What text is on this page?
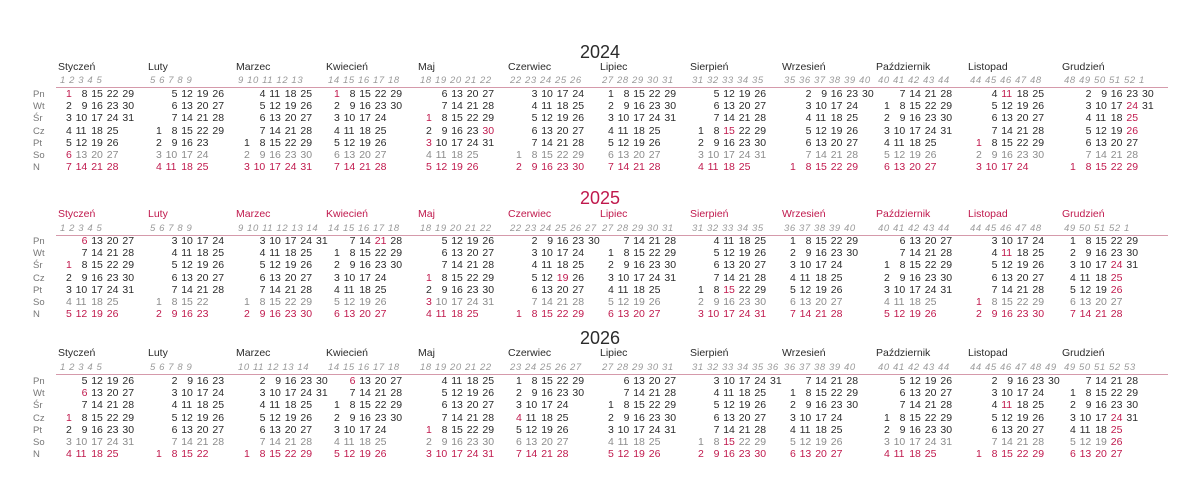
2024
Pn
Wt
Śr
Cz
Pt
So
N
Styczeń
1 2 3 4 5
1 8 15 22 29
2 9 16 23 30
3 10 17 24 31
4 11 18 25
5 12 19 26
6 13 20 27
7 14 21 28
Luty
5 6 7 8 9
5 12 19 26
6 13 20 27
7 14 21 28
1 8 15 22 29
2 9 16 23
3 10 17 24
4 11 18 25
Marzec
9 10 11 12 13
4 11 18 25
5 12 19 26
6 13 20 27
7 14 21 28
1 8 15 22 29
2 9 16 23 30
3 10 17 24 31
Kwiecień
14 15 16 17 18
1 8 15 22 29
2 9 16 23 30
3 10 17 24
4 11 18 25
5 12 19 26
6 13 20 27
7 14 21 28
Maj
18 19 20 21 22
6 13 20 27
7 14 21 28
1 8 15 22 29
2 9 16 23 30
3 10 17 24 31
4 11 18 25
5 12 19 26
Czerwiec
22 23 24 25 26
3 10 17 24
4 11 18 25
5 12 19 26
6 13 20 27
7 14 21 28
1 8 15 22 29
2 9 16 23 30
Lipiec
27 28 29 30 31
1 8 15 22 29
2 9 16 23 30
3 10 17 24 31
4 11 18 25
5 12 19 26
6 13 20 27
7 14 21 28
Sierpień
31 32 33 34 35
5 12 19 26
6 13 20 27
7 14 21 28
1 8 15 22 29
2 9 16 23 30
3 10 17 24 31
4 11 18 25
Wrzesień
35 36 37 38 39 40
2 9 16 23 30
3 10 17 24
4 11 18 25
5 12 19 26
6 13 20 27
7 14 21 28
1 8 15 22 29
Październik
40 41 42 43 44
7 14 21 28
1 8 15 22 29
2 9 16 23 30
3 10 17 24 31
4 11 18 25
5 12 19 26
6 13 20 27
Listopad
44 45 46 47 48
4 11 18 25
5 12 19 26
6 13 20 27
7 14 21 28
1 8 15 22 29
2 9 16 23 30
3 10 17 24
Grudzień
48 49 50 51 52 1
2 9 16 23 30
3 10 17 24 31
4 11 18 25
5 12 19 26
6 13 20 27
7 14 21 28
1 8 15 22 29
2025
Pn
Wt
Śr
Cz
Pt
So
N
Styczeń
1 2 3 4 5
6 13 20 27
7 14 21 28
1 8 15 22 29
2 9 16 23 30
3 10 17 24 31
4 11 18 25
5 12 19 26
Luty
5 6 7 8 9
3 10 17 24
4 11 18 25
5 12 19 26
6 13 20 27
7 14 21 28
1 8 15 22
2 9 16 23
Marzec
9 10 11 12 13 14
3 10 17 24 31
4 11 18 25
5 12 19 26
6 13 20 27
7 14 21 28
1 8 15 22 29
2 9 16 23 30
Kwiecień
14 15 16 17 18
7 14 21 28
1 8 15 22 29
2 9 16 23 30
3 10 17 24
4 11 18 25
5 12 19 26
6 13 20 27
Maj
18 19 20 21 22
5 12 19 26
6 13 20 27
7 14 21 28
1 8 15 22 29
2 9 16 23 30
3 10 17 24 31
4 11 18 25
Czerwiec
22 23 24 25 26 27
2 9 16 23 30
3 10 17 24
4 11 18 25
5 12 19 26
6 13 20 27
7 14 21 28
1 8 15 22 29
Lipiec
27 28 29 30 31
7 14 21 28
1 8 15 22 29
2 9 16 23 30
3 10 17 24 31
4 11 18 25
5 12 19 26
6 13 20 27
Sierpień
31 32 33 34 35
4 11 18 25
5 12 19 26
6 13 20 27
7 14 21 28
1 8 15 22 29
2 9 16 23 30
3 10 17 24 31
Wrzesień
36 37 38 39 40
1 8 15 22 29
2 9 16 23 30
3 10 17 24
4 11 18 25
5 12 19 26
6 13 20 27
7 14 21 28
Październik
40 41 42 43 44
6 13 20 27
7 14 21 28
1 8 15 22 29
2 9 16 23 30
3 10 17 24 31
4 11 18 25
5 12 19 26
Listopad
44 45 46 47 48
3 10 17 24
4 11 18 25
5 12 19 26
6 13 20 27
7 14 21 28
1 8 15 22 29
2 9 16 23 30
Grudzień
49 50 51 52 1
1 8 15 22 29
2 9 16 23 30
3 10 17 24 31
4 11 18 25
5 12 19 26
6 13 20 27
7 14 21 28
2026
Pn
Wt
Śr
Cz
Pt
So
N
Styczeń
1 2 3 4 5
5 12 19 26
6 13 20 27
7 14 21 28
1 8 15 22 29
2 9 16 23 30
3 10 17 24 31
4 11 18 25
Luty
5 6 7 8 9
2 9 16 23
3 10 17 24
4 11 18 25
5 12 19 26
6 13 20 27
7 14 21 28
1 8 15 22
Marzec
10 11 12 13 14
2 9 16 23 30
3 10 17 24 31
4 11 18 25
5 12 19 26
6 13 20 27
7 14 21 28
1 8 15 22 29
Kwiecień
14 15 16 17 18
6 13 20 27
7 14 21 28
1 8 15 22 29
2 9 16 23 30
3 10 17 24
4 11 18 25
5 12 19 26
Maj
18 19 20 21 22
4 11 18 25
5 12 19 26
6 13 20 27
7 14 21 28
1 8 15 22 29
2 9 16 23 30
3 10 17 24 31
Czerwiec
23 24 25 26 27
1 8 15 22 29
2 9 16 23 30
3 10 17 24
4 11 18 25
5 12 19 26
6 13 20 27
7 14 21 28
Lipiec
27 28 29 30 31
6 13 20 27
7 14 21 28
1 8 15 22 29
2 9 16 23 30
3 10 17 24 31
4 11 18 25
5 12 19 26
Sierpień
31 32 33 34 35 36
3 10 17 24 31
4 11 18 25
5 12 19 26
6 13 20 27
7 14 21 28
1 8 15 22 29
2 9 16 23 30
Wrzesień
36 37 38 39 40
7 14 21 28
1 8 15 22 29
2 9 16 23 30
3 10 17 24
4 11 18 25
5 12 19 26
6 13 20 27
Październik
40 41 42 43 44
5 12 19 26
6 13 20 27
7 14 21 28
1 8 15 22 29
2 9 16 23 30
3 10 17 24 31
4 11 18 25
Listopad
44 45 46 47 48 49
2 9 16 23 30
3 10 17 24
4 11 18 25
5 12 19 26
6 13 20 27
7 14 21 28
1 8 15 22 29
Grudzień
49 50 51 52 53
7 14 21 28
1 8 15 22 29
2 9 16 23 30
3 10 17 24 31
4 11 18 25
5 12 19 26
6 13 20 27
